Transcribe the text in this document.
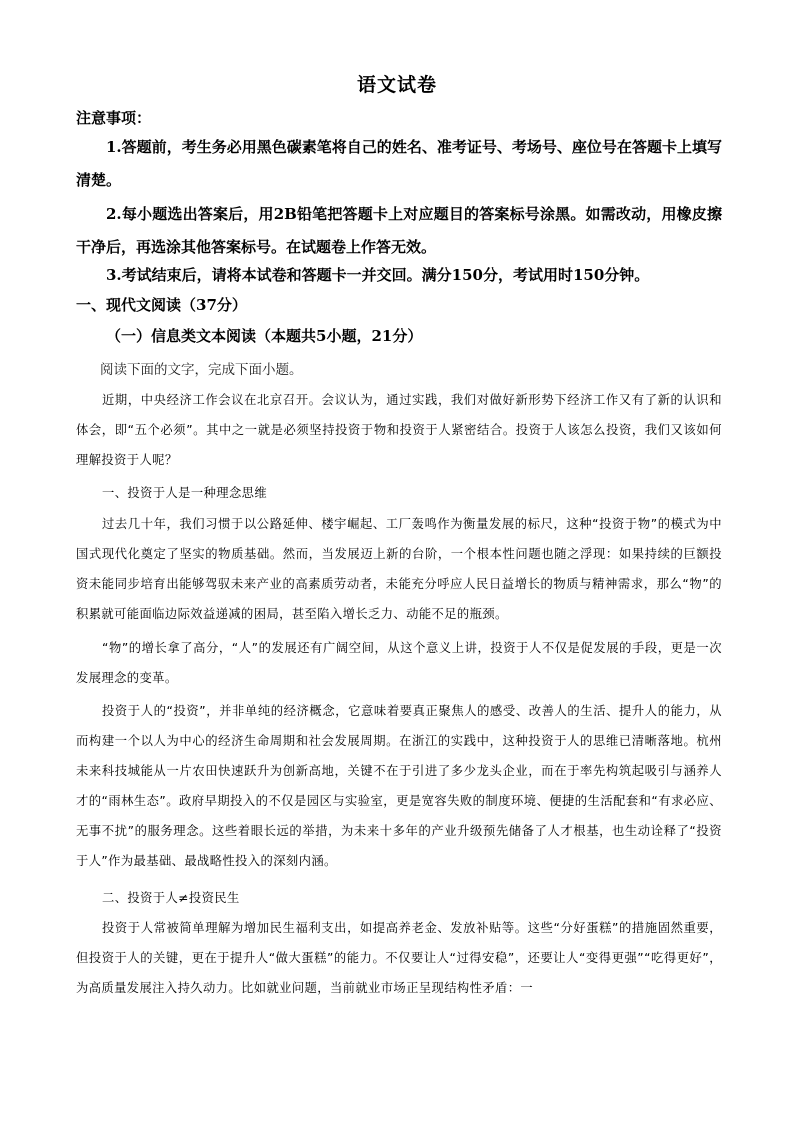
语文试卷
注意事项：
1.答题前，考生务必用黑色碳素笔将自己的姓名、准考证号、考场号、座位号在答题卡上填写清楚。
2.每小题选出答案后，用2B铅笔把答题卡上对应题目的答案标号涂黑。如需改动，用橡皮擦干净后，再选涂其他答案标号。在试题卷上作答无效。
3.考试结束后，请将本试卷和答题卡一并交回。满分150分，考试用时150分钟。
一、现代文阅读（37分）
（一）信息类文本阅读（本题共5小题，21分）
阅读下面的文字，完成下面小题。
近期，中央经济工作会议在北京召开。会议认为，通过实践，我们对做好新形势下经济工作又有了新的认识和体会，即“五个必须”。其中之一就是必须坚持投资于物和投资于人紧密结合。投资于人该怎么投资，我们又该如何理解投资于人呢？
一、投资于人是一种理念思维
过去几十年，我们习惯于以公路延伸、楼宇崛起、工厂轰鸣作为衡量发展的标尺，这种“投资于物”的模式为中国式现代化奠定了坚实的物质基础。然而，当发展迈上新的台阶，一个根本性问题也随之浮现：如果持续的巨额投资未能同步培育出能够驾驭未来产业的高素质劳动者，未能充分呼应人民日益增长的物质与精神需求，那么“物”的积累就可能面临边际效益递减的困局，甚至陷入增长乏力、动能不足的瓶颈。
“物”的增长拿了高分，“人”的发展还有广阔空间，从这个意义上讲，投资于人不仅是促发展的手段，更是一次发展理念的变革。
投资于人的“投资”，并非单纯的经济概念，它意味着要真正聚焦人的感受、改善人的生活、提升人的能力，从而构建一个以人为中心的经济生命周期和社会发展周期。在浙江的实践中，这种投资于人的思维已清晰落地。杭州未来科技城能从一片农田快速跃升为创新高地，关键不在于引进了多少龙头企业，而在于率先构筑起吸引与涵养人才的“雨林生态”。政府早期投入的不仅是园区与实验室，更是宽容失败的制度环境、便捷的生活配套和“有求必应、无事不扰”的服务理念。这些着眼长远的举措，为未来十多年的产业升级预先储备了人才根基，也生动诠释了“投资于人”作为最基础、最战略性投入的深刻内涵。
二、投资于人≠投资民生
投资于人常被简单理解为增加民生福利支出，如提高养老金、发放补贴等。这些“分好蛋糕”的措施固然重要，但投资于人的关键，更在于提升人“做大蛋糕”的能力。不仅要让人“过得安稳”，还要让人“变得更强”“吃得更好”，为高质量发展注入持久动力。比如就业问题，当前就业市场正呈现结构性矛盾：一
